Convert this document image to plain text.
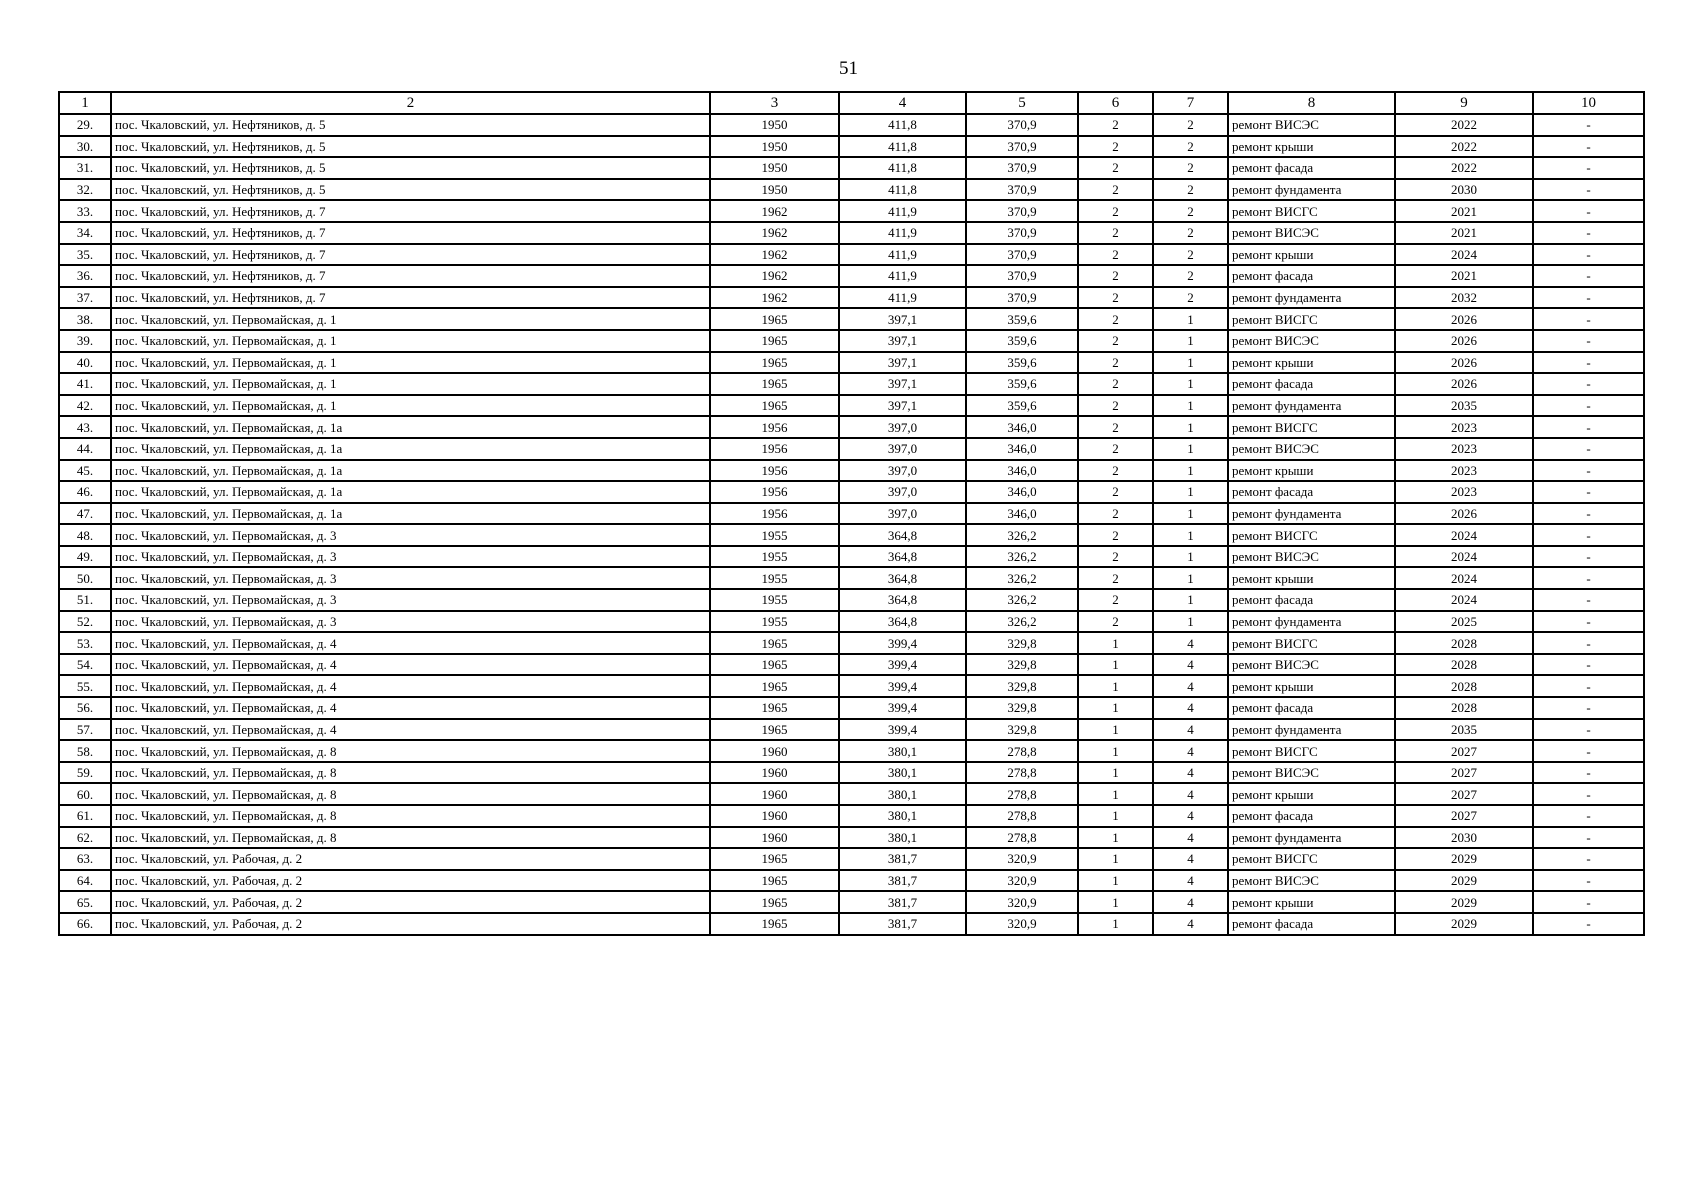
51
1	2	3	4	5	6	7	8	9	10
29.	пос. Чкаловский, ул. Нефтяников, д. 5	1950	411,8	370,9	2	2	ремонт ВИСЭС	2022	-
30.	пос. Чкаловский, ул. Нефтяников, д. 5	1950	411,8	370,9	2	2	ремонт крыши	2022	-
31.	пос. Чкаловский, ул. Нефтяников, д. 5	1950	411,8	370,9	2	2	ремонт фасада	2022	-
32.	пос. Чкаловский, ул. Нефтяников, д. 5	1950	411,8	370,9	2	2	ремонт фундамента	2030	-
33.	пос. Чкаловский, ул. Нефтяников, д. 7	1962	411,9	370,9	2	2	ремонт ВИСГС	2021	-
34.	пос. Чкаловский, ул. Нефтяников, д. 7	1962	411,9	370,9	2	2	ремонт ВИСЭС	2021	-
35.	пос. Чкаловский, ул. Нефтяников, д. 7	1962	411,9	370,9	2	2	ремонт крыши	2024	-
36.	пос. Чкаловский, ул. Нефтяников, д. 7	1962	411,9	370,9	2	2	ремонт фасада	2021	-
37.	пос. Чкаловский, ул. Нефтяников, д. 7	1962	411,9	370,9	2	2	ремонт фундамента	2032	-
38.	пос. Чкаловский, ул. Первомайская, д. 1	1965	397,1	359,6	2	1	ремонт ВИСГС	2026	-
39.	пос. Чкаловский, ул. Первомайская, д. 1	1965	397,1	359,6	2	1	ремонт ВИСЭС	2026	-
40.	пос. Чкаловский, ул. Первомайская, д. 1	1965	397,1	359,6	2	1	ремонт крыши	2026	-
41.	пос. Чкаловский, ул. Первомайская, д. 1	1965	397,1	359,6	2	1	ремонт фасада	2026	-
42.	пос. Чкаловский, ул. Первомайская, д. 1	1965	397,1	359,6	2	1	ремонт фундамента	2035	-
43.	пос. Чкаловский, ул. Первомайская, д. 1а	1956	397,0	346,0	2	1	ремонт ВИСГС	2023	-
44.	пос. Чкаловский, ул. Первомайская, д. 1а	1956	397,0	346,0	2	1	ремонт ВИСЭС	2023	-
45.	пос. Чкаловский, ул. Первомайская, д. 1а	1956	397,0	346,0	2	1	ремонт крыши	2023	-
46.	пос. Чкаловский, ул. Первомайская, д. 1а	1956	397,0	346,0	2	1	ремонт фасада	2023	-
47.	пос. Чкаловский, ул. Первомайская, д. 1а	1956	397,0	346,0	2	1	ремонт фундамента	2026	-
48.	пос. Чкаловский, ул. Первомайская, д. 3	1955	364,8	326,2	2	1	ремонт ВИСГС	2024	-
49.	пос. Чкаловский, ул. Первомайская, д. 3	1955	364,8	326,2	2	1	ремонт ВИСЭС	2024	-
50.	пос. Чкаловский, ул. Первомайская, д. 3	1955	364,8	326,2	2	1	ремонт крыши	2024	-
51.	пос. Чкаловский, ул. Первомайская, д. 3	1955	364,8	326,2	2	1	ремонт фасада	2024	-
52.	пос. Чкаловский, ул. Первомайская, д. 3	1955	364,8	326,2	2	1	ремонт фундамента	2025	-
53.	пос. Чкаловский, ул. Первомайская, д. 4	1965	399,4	329,8	1	4	ремонт ВИСГС	2028	-
54.	пос. Чкаловский, ул. Первомайская, д. 4	1965	399,4	329,8	1	4	ремонт ВИСЭС	2028	-
55.	пос. Чкаловский, ул. Первомайская, д. 4	1965	399,4	329,8	1	4	ремонт крыши	2028	-
56.	пос. Чкаловский, ул. Первомайская, д. 4	1965	399,4	329,8	1	4	ремонт фасада	2028	-
57.	пос. Чкаловский, ул. Первомайская, д. 4	1965	399,4	329,8	1	4	ремонт фундамента	2035	-
58.	пос. Чкаловский, ул. Первомайская, д. 8	1960	380,1	278,8	1	4	ремонт ВИСГС	2027	-
59.	пос. Чкаловский, ул. Первомайская, д. 8	1960	380,1	278,8	1	4	ремонт ВИСЭС	2027	-
60.	пос. Чкаловский, ул. Первомайская, д. 8	1960	380,1	278,8	1	4	ремонт крыши	2027	-
61.	пос. Чкаловский, ул. Первомайская, д. 8	1960	380,1	278,8	1	4	ремонт фасада	2027	-
62.	пос. Чкаловский, ул. Первомайская, д. 8	1960	380,1	278,8	1	4	ремонт фундамента	2030	-
63.	пос. Чкаловский, ул. Рабочая, д. 2	1965	381,7	320,9	1	4	ремонт ВИСГС	2029	-
64.	пос. Чкаловский, ул. Рабочая, д. 2	1965	381,7	320,9	1	4	ремонт ВИСЭС	2029	-
65.	пос. Чкаловский, ул. Рабочая, д. 2	1965	381,7	320,9	1	4	ремонт крыши	2029	-
66.	пос. Чкаловский, ул. Рабочая, д. 2	1965	381,7	320,9	1	4	ремонт фасада	2029	-
